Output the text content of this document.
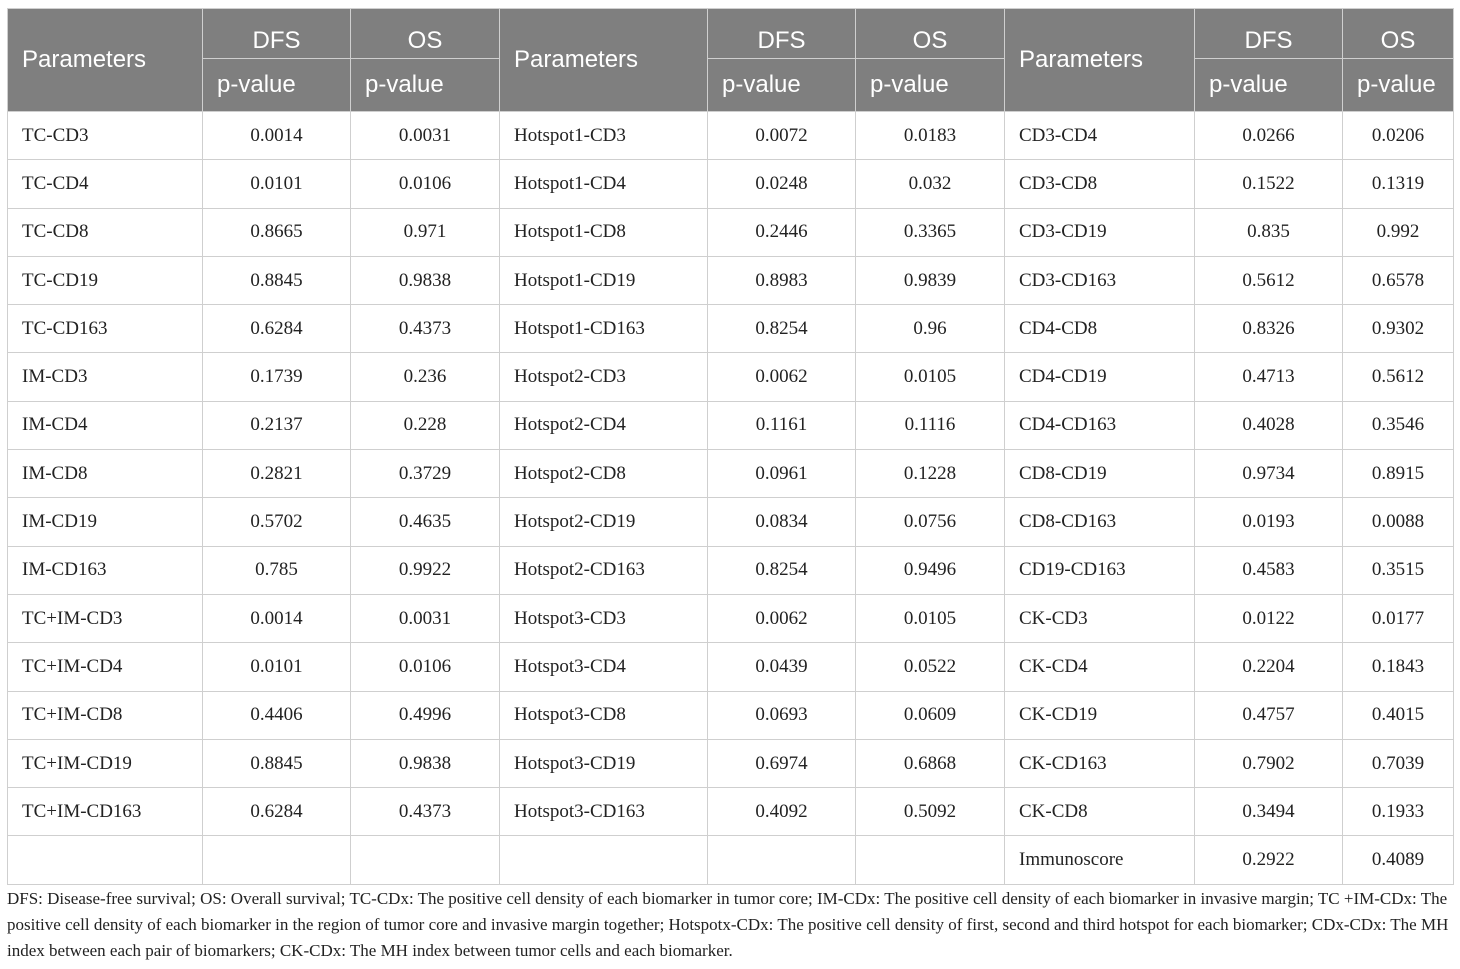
Parameters	DFS	OS	Parameters	DFS	OS	Parameters	DFS	OS
	p-value	p-value		p-value	p-value		p-value	p-value
TC-CD3	0.0014	0.0031	Hotspot1-CD3	0.0072	0.0183	CD3-CD4	0.0266	0.0206
TC-CD4	0.0101	0.0106	Hotspot1-CD4	0.0248	0.032	CD3-CD8	0.1522	0.1319
TC-CD8	0.8665	0.971	Hotspot1-CD8	0.2446	0.3365	CD3-CD19	0.835	0.992
TC-CD19	0.8845	0.9838	Hotspot1-CD19	0.8983	0.9839	CD3-CD163	0.5612	0.6578
TC-CD163	0.6284	0.4373	Hotspot1-CD163	0.8254	0.96	CD4-CD8	0.8326	0.9302
IM-CD3	0.1739	0.236	Hotspot2-CD3	0.0062	0.0105	CD4-CD19	0.4713	0.5612
IM-CD4	0.2137	0.228	Hotspot2-CD4	0.1161	0.1116	CD4-CD163	0.4028	0.3546
IM-CD8	0.2821	0.3729	Hotspot2-CD8	0.0961	0.1228	CD8-CD19	0.9734	0.8915
IM-CD19	0.5702	0.4635	Hotspot2-CD19	0.0834	0.0756	CD8-CD163	0.0193	0.0088
IM-CD163	0.785	0.9922	Hotspot2-CD163	0.8254	0.9496	CD19-CD163	0.4583	0.3515
TC+IM-CD3	0.0014	0.0031	Hotspot3-CD3	0.0062	0.0105	CK-CD3	0.0122	0.0177
TC+IM-CD4	0.0101	0.0106	Hotspot3-CD4	0.0439	0.0522	CK-CD4	0.2204	0.1843
TC+IM-CD8	0.4406	0.4996	Hotspot3-CD8	0.0693	0.0609	CK-CD19	0.4757	0.4015
TC+IM-CD19	0.8845	0.9838	Hotspot3-CD19	0.6974	0.6868	CK-CD163	0.7902	0.7039
TC+IM-CD163	0.6284	0.4373	Hotspot3-CD163	0.4092	0.5092	CK-CD8	0.3494	0.1933
						Immunoscore	0.2922	0.4089

DFS: Disease-free survival; OS: Overall survival; TC-CDx: The positive cell density of each biomarker in tumor core; IM-CDx: The positive cell density of each biomarker in invasive margin; TC +IM-CDx: The positive cell density of each biomarker in the region of tumor core and invasive margin together; Hotspotx-CDx: The positive cell density of first, second and third hotspot for each biomarker; CDx-CDx: The MH index between each pair of biomarkers; CK-CDx: The MH index between tumor cells and each biomarker.
